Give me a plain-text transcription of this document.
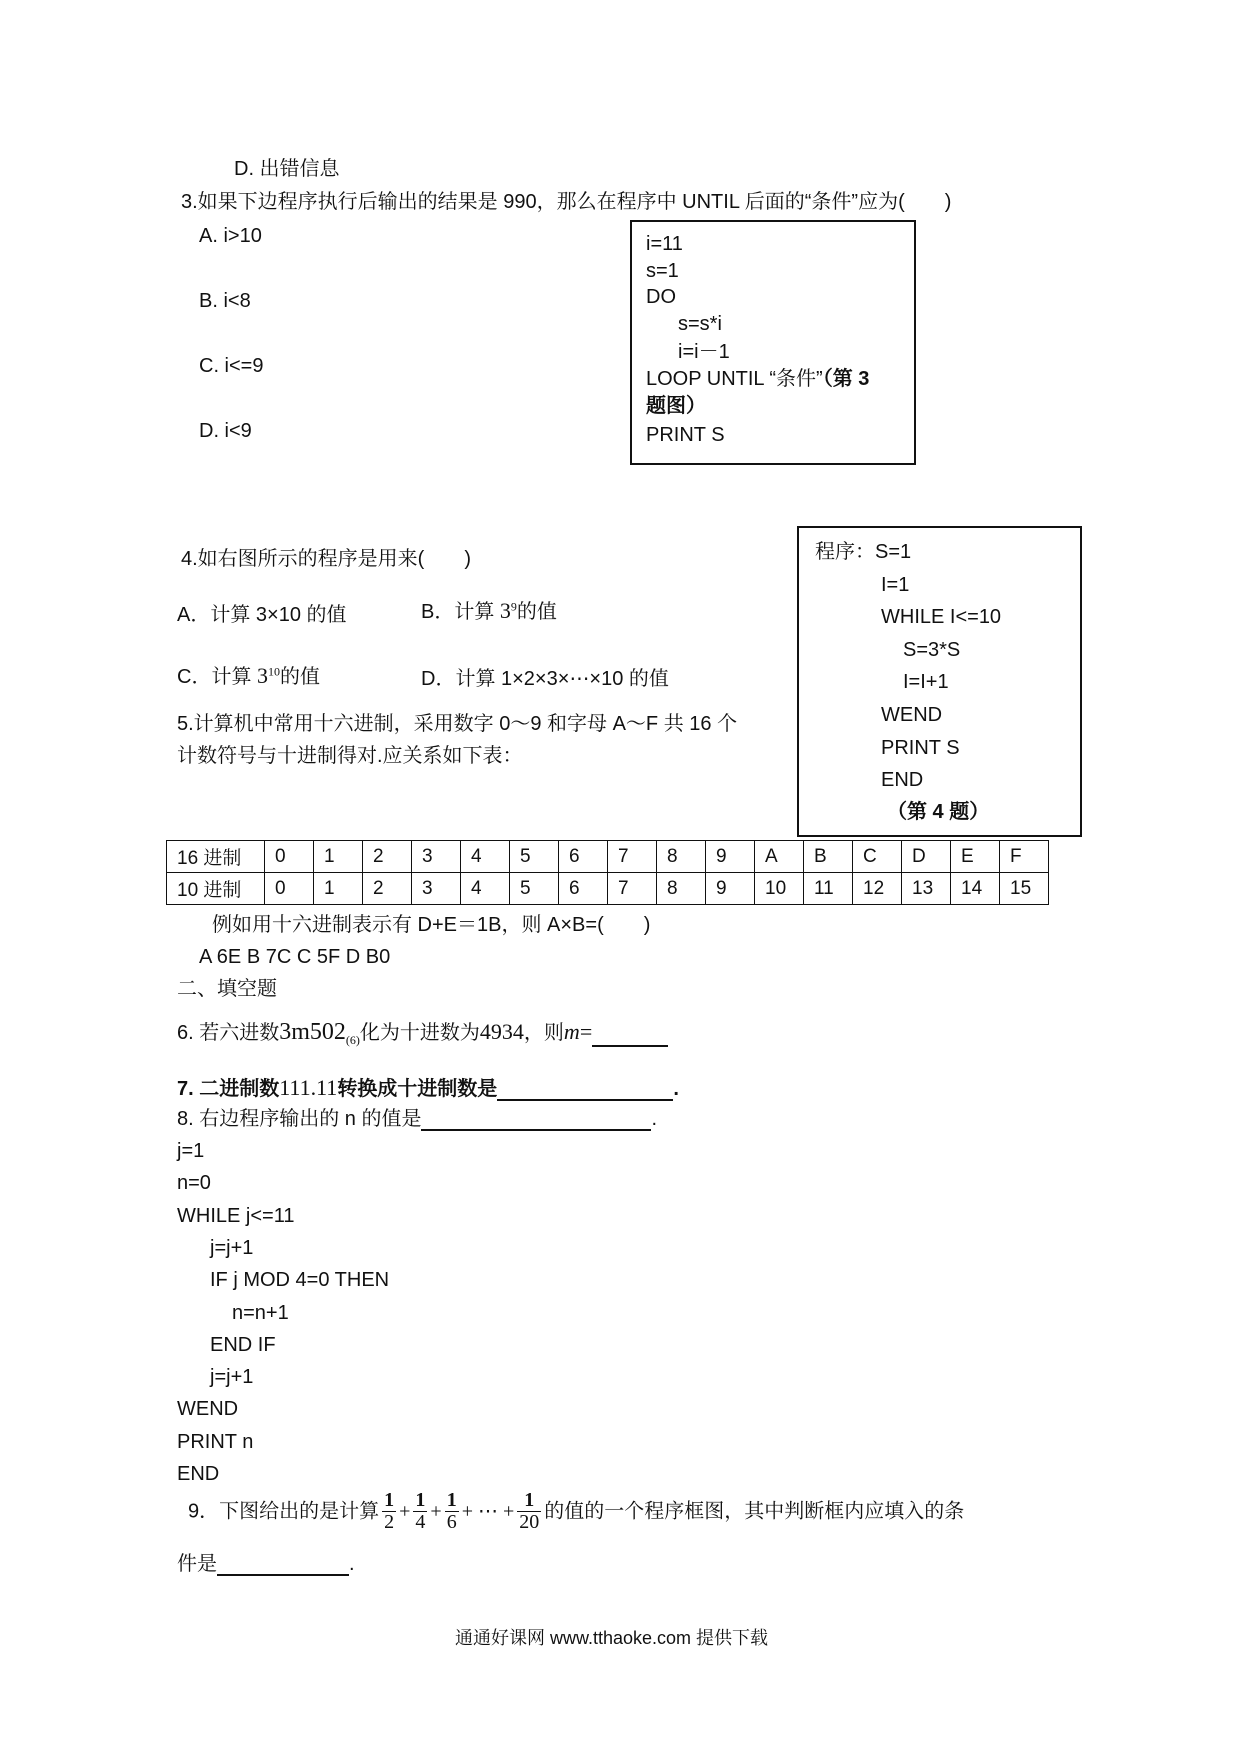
D. 出错信息
3.如果下边程序执行后输出的结果是 990，那么在程序中 UNTIL 后面的“条件”应为(　　)
A. i>10
B. i<8
C. i<=9
D. i<9
i=11
s=1
DO
s=s*i
i=i－1
LOOP UNTIL “条件”（第 3
题图）
PRINT S
程序：S=1
I=1
WHILE I<=10
S=3*S
I=I+1
WEND
PRINT S
END
（第 4 题）
4.如右图所示的程序是用来(　　)
A．计算 3×10 的值	B．计算 $3^9$的值
C．计算 $3^{10}$的值	D．计算 1×2×3×⋯×10 的值
5.计算机中常用十六进制，采用数字 0～9 和字母 A～F 共 16 个
计数符号与十进制得对.应关系如下表：
16 进制	0	1	2	3	4	5	6	7	8	9	A	B	C	D	E	F
10 进制	0	1	2	3	4	5	6	7	8	9	10	11	12	13	14	15
例如用十六进制表示有 D+E＝1B，则 A×B=(　　)
A 6E B 7C C 5F D B0
二、填空题
6. 若六进数$3m502_{(6)}$化为十进数为4934，则m=
7. 二进制数111.11转换成十进制数是	.
8. 右边程序输出的 n 的值是	.
j=1
n=0
WHILE j<=11
j=j+1
IF j MOD 4=0 THEN
n=n+1
END IF
j=j+1
WEND
PRINT n
END
9．下图给出的是计算 $\frac{1}{2} + \frac{1}{4} + \frac{1}{6}$ + ⋯ + $\frac{1}{20}$ 的值的一个程序框图，其中判断框内应填入的条
件是	.
通通好课网 www.tthaoke.com 提供下载
